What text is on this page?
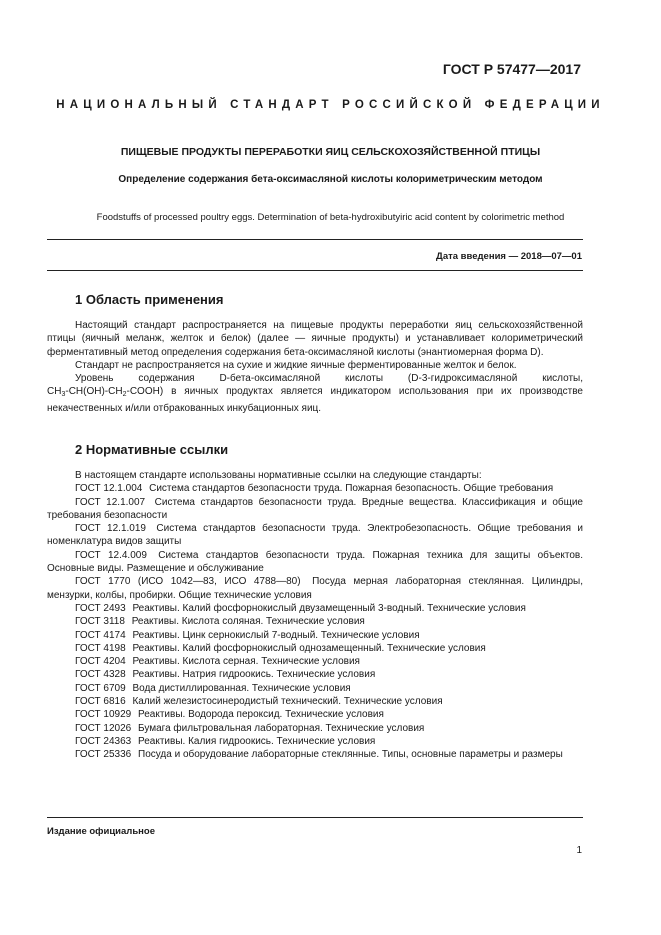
ГОСТ Р 57477—2017
НАЦИОНАЛЬНЫЙ СТАНДАРТ РОССИЙСКОЙ ФЕДЕРАЦИИ
ПИЩЕВЫЕ ПРОДУКТЫ ПЕРЕРАБОТКИ ЯИЦ СЕЛЬСКОХОЗЯЙСТВЕННОЙ ПТИЦЫ
Определение содержания бета-оксимасляной кислоты колориметрическим методом
Foodstuffs of processed poultry eggs. Determination of beta-hydroxibutyiric acid content by colorimetric method
Дата введения — 2018—07—01
1 Область применения

Настоящий стандарт распространяется на пищевые продукты переработки яиц сельскохозяйственной птицы (яичный меланж, желток и белок) (далее — яичные продукты) и устанавливает колориметрический ферментативный метод определения содержания бета-оксимасляной кислоты (энантиомерная форма D).

Стандарт не распространяется на сухие и жидкие яичные ферментированные желток и белок.

Уровень содержания D-бета-оксимасляной кислоты (D-3-гидроксимасляной кислоты,

$CH_3-CH(OH)-CH_2-COOH$) в яичных продуктах является индикатором использования при их производстве некачественных и/или отбракованных инкубационных яиц.

2 Нормативные ссылки

В настоящем стандарте использованы нормативные ссылки на следующие стандарты:

ГОСТ 12.1.004 Система стандартов безопасности труда. Пожарная безопасность. Общие требования

ГОСТ 12.1.007 Система стандартов безопасности труда. Вредные вещества. Классификация и общие требования безопасности

ГОСТ 12.1.019 Система стандартов безопасности труда. Электробезопасность. Общие требования и номенклатура видов защиты

ГОСТ 12.4.009 Система стандартов безопасности труда. Пожарная техника для защиты объектов. Основные виды. Размещение и обслуживание

ГОСТ 1770 (ИСО 1042—83, ИСО 4788—80) Посуда мерная лабораторная стеклянная. Цилиндры, мензурки, колбы, пробирки. Общие технические условия

ГОСТ 2493 Реактивы. Калий фосфорнокислый двузамещенный 3-водный. Технические условия

ГОСТ 3118 Реактивы. Кислота соляная. Технические условия

ГОСТ 4174 Реактивы. Цинк сернокислый 7-водный. Технические условия

ГОСТ 4198 Реактивы. Калий фосфорнокислый однозамещенный. Технические условия

ГОСТ 4204 Реактивы. Кислота серная. Технические условия

ГОСТ 4328 Реактивы. Натрия гидроокись. Технические условия

ГОСТ 6709 Вода дистиллированная. Технические условия

ГОСТ 6816 Калий железистосинеродистый технический. Технические условия

ГОСТ 10929 Реактивы. Водорода пероксид. Технические условия

ГОСТ 12026 Бумага фильтровальная лабораторная. Технические условия

ГОСТ 24363 Реактивы. Калия гидроокись. Технические условия

ГОСТ 25336 Посуда и оборудование лабораторные стеклянные. Типы, основные параметры и размеры

Издание официальное
1
